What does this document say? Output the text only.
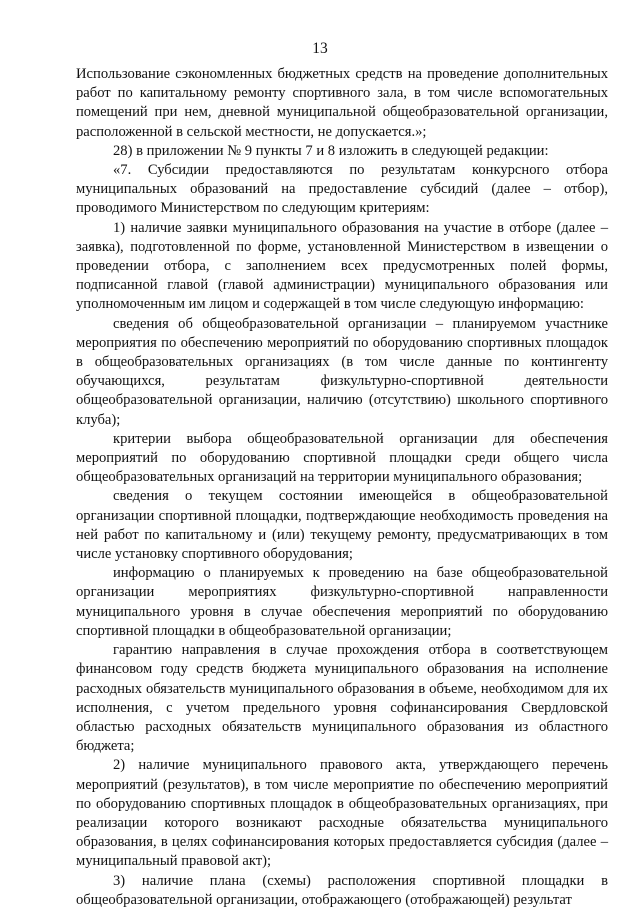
13

Использование сэкономленных бюджетных средств на проведение дополнительных работ по капитальному ремонту спортивного зала, в том числе вспомогательных помещений при нем, дневной муниципальной общеобразовательной организации, расположенной в сельской местности, не допускается.»;

28) в приложении № 9 пункты 7 и 8 изложить в следующей редакции:

«7. Субсидии предоставляются по результатам конкурсного отбора муниципальных образований на предоставление субсидий (далее – отбор), проводимого Министерством по следующим критериям:

1) наличие заявки муниципального образования на участие в отборе (далее – заявка), подготовленной по форме, установленной Министерством в извещении о проведении отбора, с заполнением всех предусмотренных полей формы, подписанной главой (главой администрации) муниципального образования или уполномоченным им лицом и содержащей в том числе следующую информацию:

сведения об общеобразовательной организации – планируемом участнике мероприятия по обеспечению мероприятий по оборудованию спортивных площадок в общеобразовательных организациях (в том числе данные по контингенту обучающихся, результатам физкультурно-спортивной деятельности общеобразовательной организации, наличию (отсутствию) школьного спортивного клуба);

критерии выбора общеобразовательной организации для обеспечения мероприятий по оборудованию спортивной площадки среди общего числа общеобразовательных организаций на территории муниципального образования;

сведения о текущем состоянии имеющейся в общеобразовательной организации спортивной площадки, подтверждающие необходимость проведения на ней работ по капитальному и (или) текущему ремонту, предусматривающих в том числе установку спортивного оборудования;

информацию о планируемых к проведению на базе общеобразовательной организации мероприятиях физкультурно-спортивной направленности муниципального уровня в случае обеспечения мероприятий по оборудованию спортивной площадки в общеобразовательной организации;

гарантию направления в случае прохождения отбора в соответствующем финансовом году средств бюджета муниципального образования на исполнение расходных обязательств муниципального образования в объеме, необходимом для их исполнения, с учетом предельного уровня софинансирования Свердловской областью расходных обязательств муниципального образования из областного бюджета;

2) наличие муниципального правового акта, утверждающего перечень мероприятий (результатов), в том числе мероприятие по обеспечению мероприятий по оборудованию спортивных площадок в общеобразовательных организациях, при реализации которого возникают расходные обязательства муниципального образования, в целях софинансирования которых предоставляется субсидия (далее – муниципальный правовой акт);

3) наличие плана (схемы) расположения спортивной площадки в общеобразовательной организации, отображающего (отображающей) результат
